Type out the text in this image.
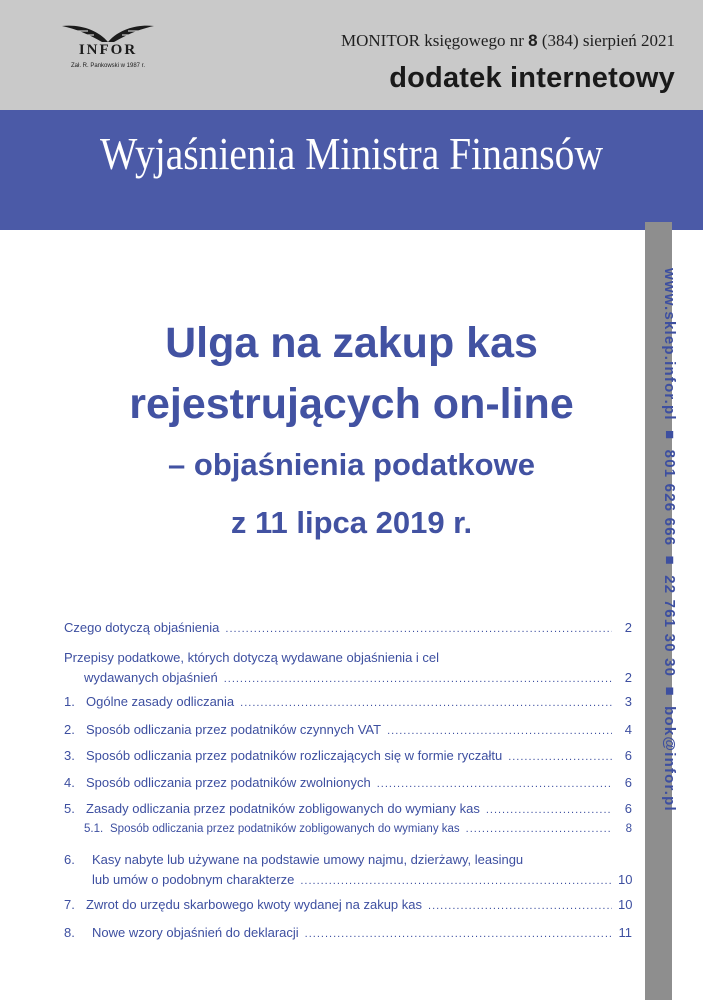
INFOR
Zał. R. Pankowski w 1987 r.
MONITOR księgowego nr 8 (384) sierpień 2021
dodatek internetowy
Wyjaśnienia Ministra Finansów
www.sklep.infor.pl ■ 801 626 666 ■ 22 761 30 30 ■ bok@infor.pl
Ulga na zakup kas
rejestrujących on-line
– objaśnienia podatkowe
z 11 lipca 2019 r.
Czego dotyczą objaśnienia .....	2
Przepisy podatkowe, których dotyczą wydawane objaśnienia i cel
wydawanych objaśnień .....	2
1. Ogólne zasady odliczania .....	3
2. Sposób odliczania przez podatników czynnych VAT .....	4
3. Sposób odliczania przez podatników rozliczających się w formie ryczałtu .....	6
4. Sposób odliczania przez podatników zwolnionych .....	6
5. Zasady odliczania przez podatników zobligowanych do wymiany kas .....	6
5.1. Sposób odliczania przez podatników zobligowanych do wymiany kas .....	8
6.	Kasy nabyte lub używane na podstawie umowy najmu, dzierżawy, leasingu
lub umów o podobnym charakterze .....	10
7. Zwrot do urzędu skarbowego kwoty wydanej na zakup kas .....	10
8.	Nowe wzory objaśnień do deklaracji .....	11
